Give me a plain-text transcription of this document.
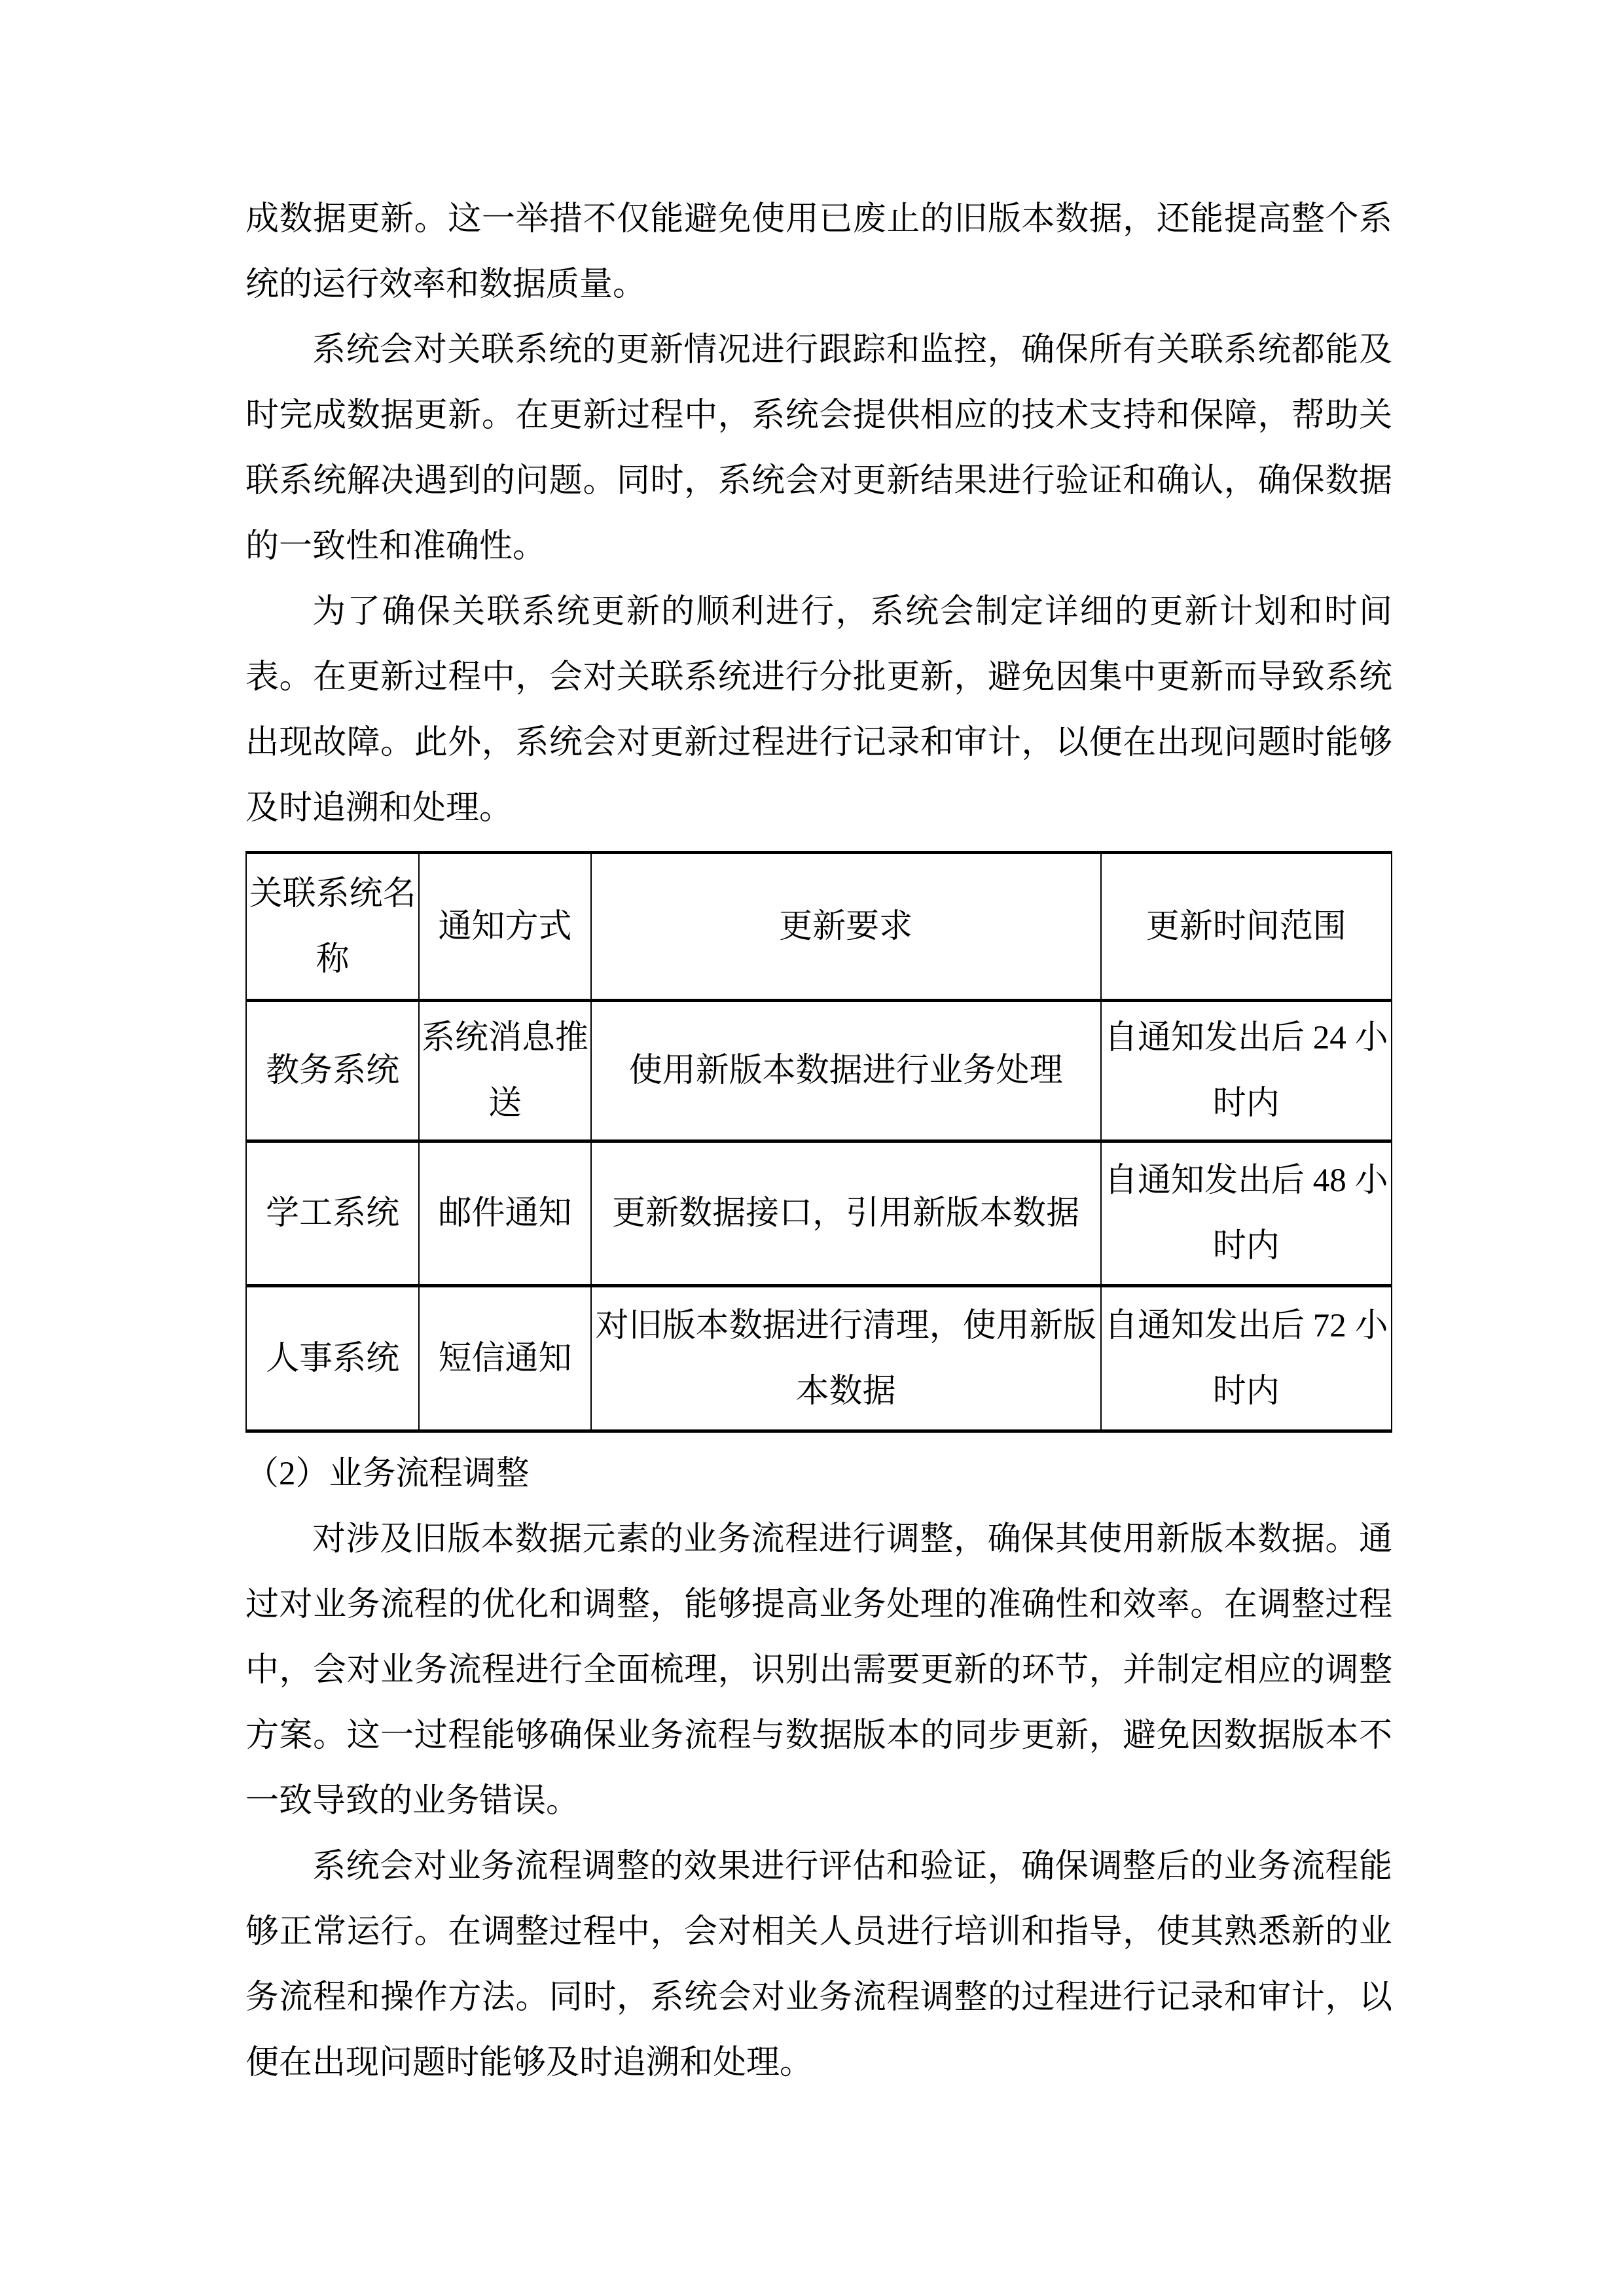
成数据更新。这一举措不仅能避免使用已废止的旧版本数据，还能提高整个系统的运行效率和数据质量。

系统会对关联系统的更新情况进行跟踪和监控，确保所有关联系统都能及时完成数据更新。在更新过程中，系统会提供相应的技术支持和保障，帮助关联系统解决遇到的问题。同时，系统会对更新结果进行验证和确认，确保数据的一致性和准确性。

为了确保关联系统更新的顺利进行，系统会制定详细的更新计划和时间表。在更新过程中，会对关联系统进行分批更新，避免因集中更新而导致系统出现故障。此外，系统会对更新过程进行记录和审计，以便在出现问题时能够及时追溯和处理。

关联系统名称	通知方式	更新要求	更新时间范围
教务系统	系统消息推送	使用新版本数据进行业务处理	自通知发出后 24 小时内
学工系统	邮件通知	更新数据接口，引用新版本数据	自通知发出后 48 小时内
人事系统	短信通知	对旧版本数据进行清理，使用新版本数据	自通知发出后 72 小时内

（2）业务流程调整

对涉及旧版本数据元素的业务流程进行调整，确保其使用新版本数据。通过对业务流程的优化和调整，能够提高业务处理的准确性和效率。在调整过程中，会对业务流程进行全面梳理，识别出需要更新的环节，并制定相应的调整方案。这一过程能够确保业务流程与数据版本的同步更新，避免因数据版本不一致导致的业务错误。

系统会对业务流程调整的效果进行评估和验证，确保调整后的业务流程能够正常运行。在调整过程中，会对相关人员进行培训和指导，使其熟悉新的业务流程和操作方法。同时，系统会对业务流程调整的过程进行记录和审计，以便在出现问题时能够及时追溯和处理。
